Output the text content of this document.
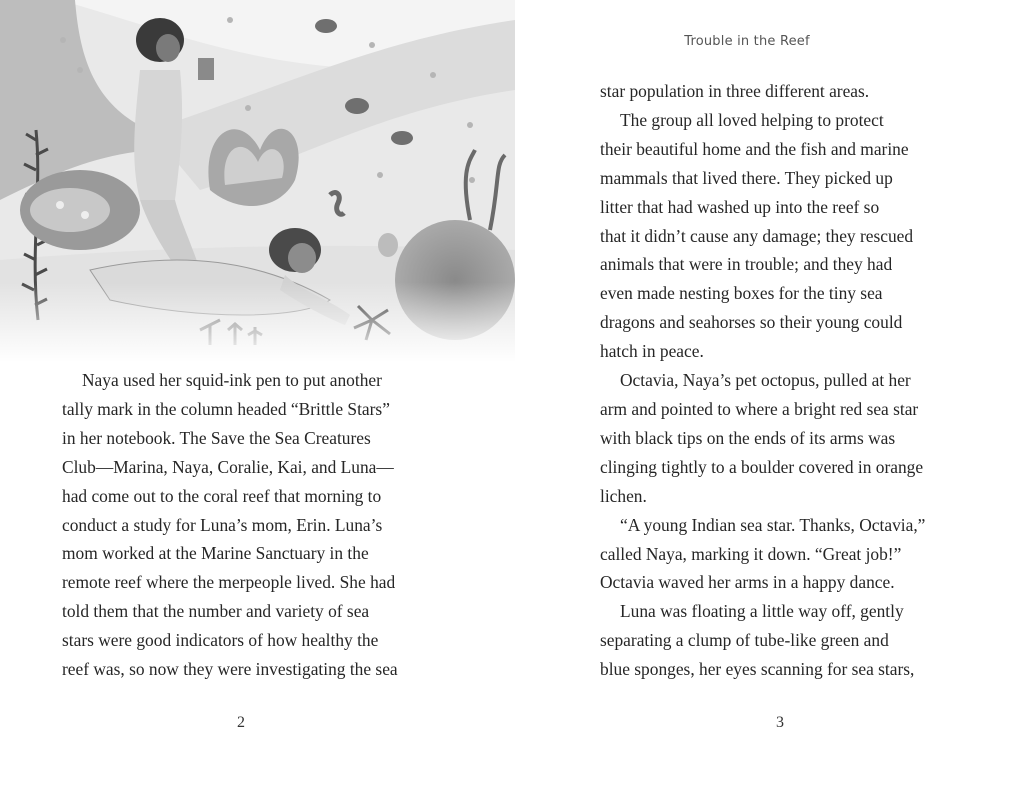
Naya used her squid-ink pen to put another
tally mark in the column headed “Brittle Stars”
in her notebook. The Save the Sea Creatures
Club—Marina, Naya, Coralie, Kai, and Luna—
had come out to the coral reef that morning to
conduct a study for Luna’s mom, Erin. Luna’s
mom worked at the Marine Sanctuary in the
remote reef where the merpeople lived. She had
told them that the number and variety of sea
stars were good indicators of how healthy the
reef was, so now they were investigating the sea
2
Trouble in the Reef
star population in three different areas.
The group all loved helping to protect
their beautiful home and the fish and marine
mammals that lived there. They picked up
litter that had washed up into the reef so
that it didn’t cause any damage; they rescued
animals that were in trouble; and they had
even made nesting boxes for the tiny sea
dragons and seahorses so their young could
hatch in peace.
Octavia, Naya’s pet octopus, pulled at her
arm and pointed to where a bright red sea star
with black tips on the ends of its arms was
clinging tightly to a boulder covered in orange
lichen.
“A young Indian sea star. Thanks, Octavia,”
called Naya, marking it down. “Great job!”
Octavia waved her arms in a happy dance.
Luna was floating a little way off, gently
separating a clump of tube-like green and
blue sponges, her eyes scanning for sea stars,
3
